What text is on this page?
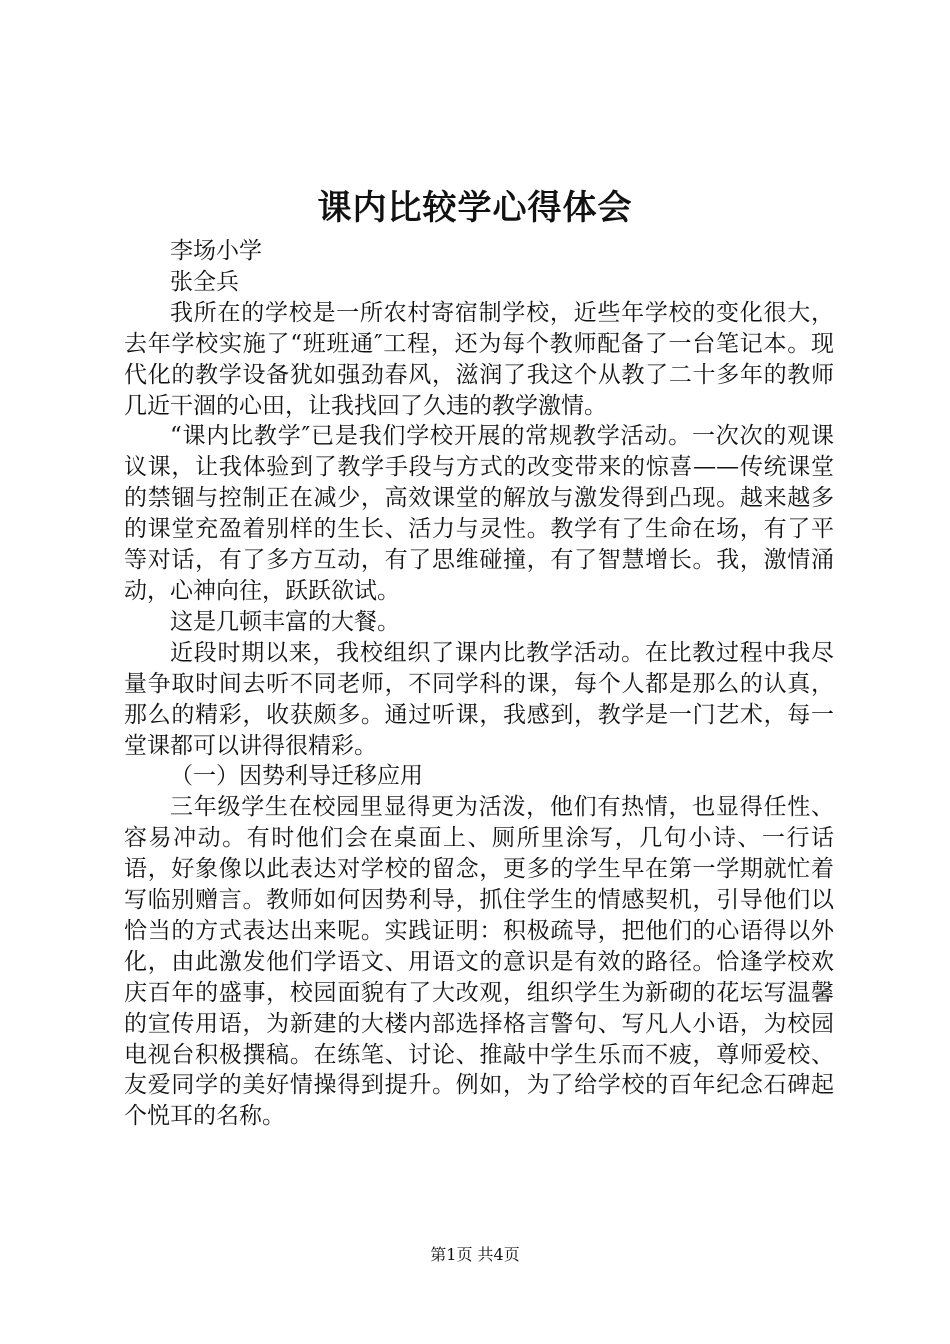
课内比较学心得体会

李场小学

张全兵

我所在的学校是一所农村寄宿制学校，近些年学校的变化很大，去年学校实施了“班班通″工程，还为每个教师配备了一台笔记本。现代化的教学设备犹如强劲春风，滋润了我这个从教了二十多年的教师几近干涸的心田，让我找回了久违的教学激情。

“课内比教学″已是我们学校开展的常规教学活动。一次次的观课议课，让我体验到了教学手段与方式的改变带来的惊喜——传统课堂的禁锢与控制正在减少，高效课堂的解放与激发得到凸现。越来越多的课堂充盈着别样的生长、活力与灵性。教学有了生命在场，有了平等对话，有了多方互动，有了思维碰撞，有了智慧增长。我，激情涌动，心神向往，跃跃欲试。

这是几顿丰富的大餐。

近段时期以来，我校组织了课内比教学活动。在比教过程中我尽量争取时间去听不同老师，不同学科的课，每个人都是那么的认真，那么的精彩，收获颇多。通过听课，我感到，教学是一门艺术，每一堂课都可以讲得很精彩。

（一）因势利导迁移应用

三年级学生在校园里显得更为活泼，他们有热情，也显得任性、容易冲动。有时他们会在桌面上、厕所里涂写，几句小诗、一行话语，好象像以此表达对学校的留念，更多的学生早在第一学期就忙着写临别赠言。教师如何因势利导，抓住学生的情感契机，引导他们以恰当的方式表达出来呢。实践证明：积极疏导，把他们的心语得以外化，由此激发他们学语文、用语文的意识是有效的路径。恰逢学校欢庆百年的盛事，校园面貌有了大改观，组织学生为新砌的花坛写温馨的宣传用语，为新建的大楼内部选择格言警句、写凡人小语，为校园电视台积极撰稿。在练笔、讨论、推敲中学生乐而不疲，尊师爱校、友爱同学的美好情操得到提升。例如，为了给学校的百年纪念石碑起个悦耳的名称。

第1页 共4页
